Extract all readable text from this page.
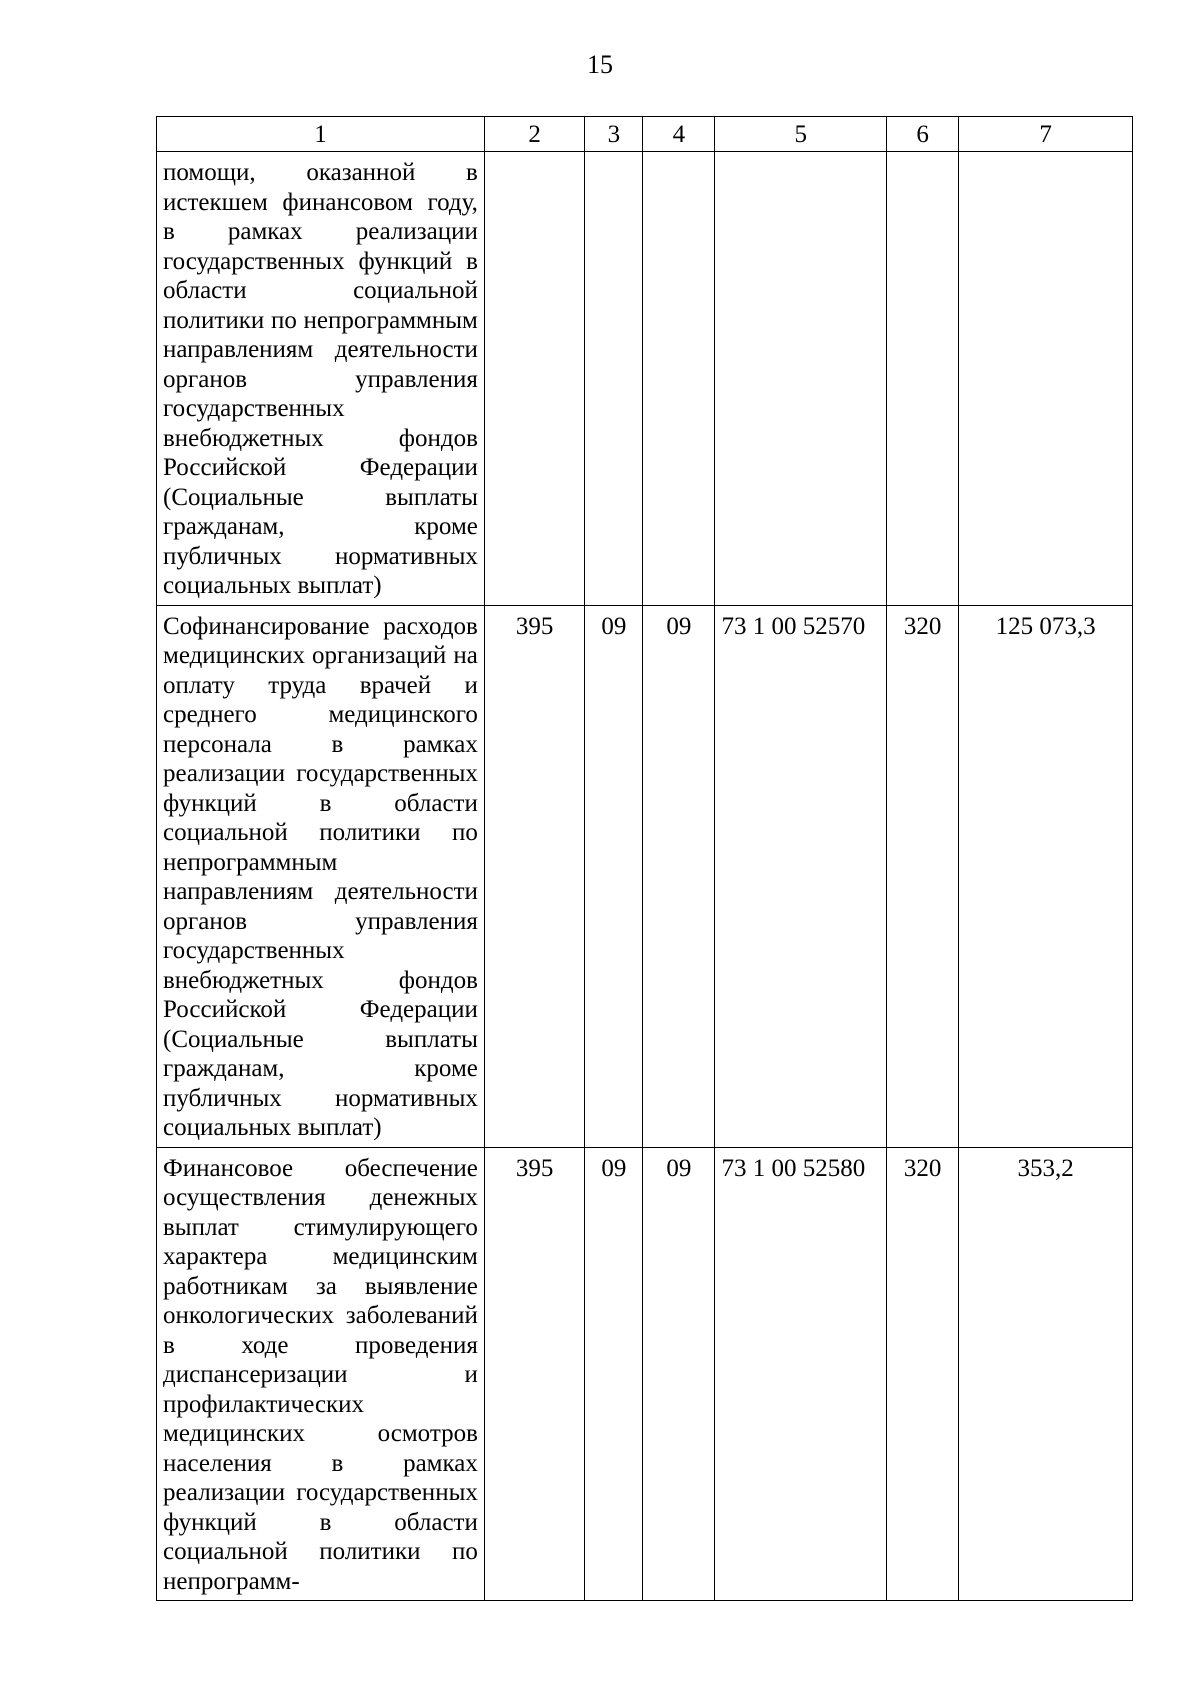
15
1	2	3	4	5	6	7
помощи, оказанной в истекшем финансовом году, в рамках реализации государственных функций в области социальной политики по непрограммным направлениям деятельности органов управления государственных внебюджетных фондов Российской Федерации (Социальные выплаты гражданам, кроме публичных нормативных социальных выплат)						
Софинансирование расходов медицинских организаций на оплату труда врачей и среднего медицинского персонала в рамках реализации государственных функций в области социальной политики по непрограммным направлениям деятельности органов управления государственных внебюджетных фондов Российской Федерации (Социальные выплаты гражданам, кроме публичных нормативных социальных выплат)	395	09	09	73 1 00 52570	320	125 073,3
Финансовое обеспечение осуществления денежных выплат стимулирующего характера медицинским работникам за выявление онкологических заболеваний в ходе проведения диспансеризации и профилактических медицинских осмотров населения в рамках реализации государственных функций в области социальной политики по непрограмм-	395	09	09	73 1 00 52580	320	353,2
